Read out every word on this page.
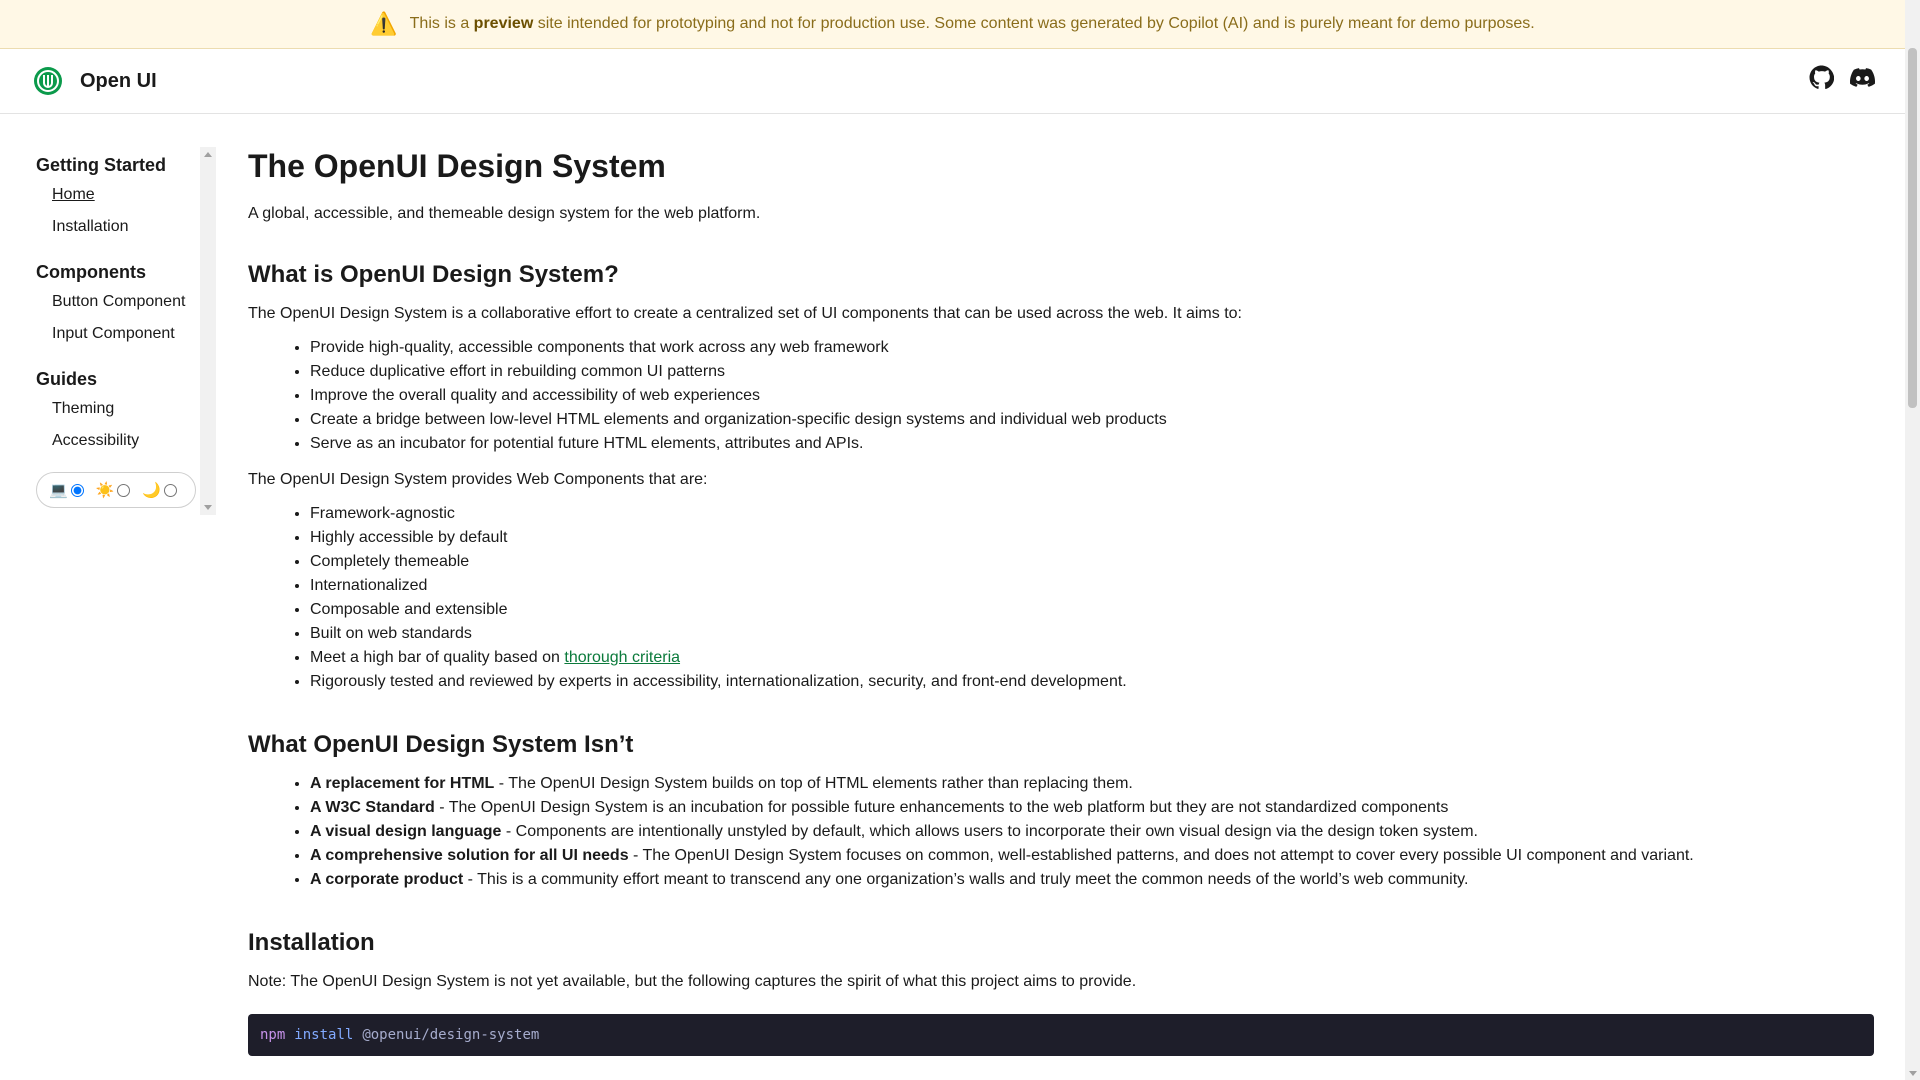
⚠️ This is a preview site intended for prototyping and not for production use. Some content was generated by Copilot (AI) and is purely meant for demo purposes.
Open UI
Getting Started
Home
Installation
Components
Button Component
Input Component
Guides
Theming
Accessibility
💻 ☀️ 🌙
The OpenUI Design System
A global, accessible, and themeable design system for the web platform.
What is OpenUI Design System?

The OpenUI Design System is a collaborative effort to create a centralized set of UI components that can be used across the web. It aims to:

• Provide high-quality, accessible components that work across any web framework
• Reduce duplicative effort in rebuilding common UI patterns
• Improve the overall quality and accessibility of web experiences
• Create a bridge between low-level HTML elements and organization-specific design systems and individual web products
• Serve as an incubator for potential future HTML elements, attributes and APIs.

The OpenUI Design System provides Web Components that are:

• Framework-agnostic
• Highly accessible by default
• Completely themeable
• Internationalized
• Composable and extensible
• Built on web standards
• Meet a high bar of quality based on thorough criteria
• Rigorously tested and reviewed by experts in accessibility, internationalization, security, and front-end development.
What OpenUI Design System Isn’t
• A replacement for HTML - The OpenUI Design System builds on top of HTML elements rather than replacing them.
• A W3C Standard - The OpenUI Design System is an incubation for possible future enhancements to the web platform but they are not standardized components
• A visual design language - Components are intentionally unstyled by default, which allows users to incorporate their own visual design via the design token system.
• A comprehensive solution for all UI needs - The OpenUI Design System focuses on common, well-established patterns, and does not attempt to cover every possible UI component and variant.
• A corporate product - This is a community effort meant to transcend any one organization’s walls and truly meet the common needs of the world’s web community.
Installation

Note: The OpenUI Design System is not yet available, but the following captures the spirit of what this project aims to provide.

npm install @openui/design-system
